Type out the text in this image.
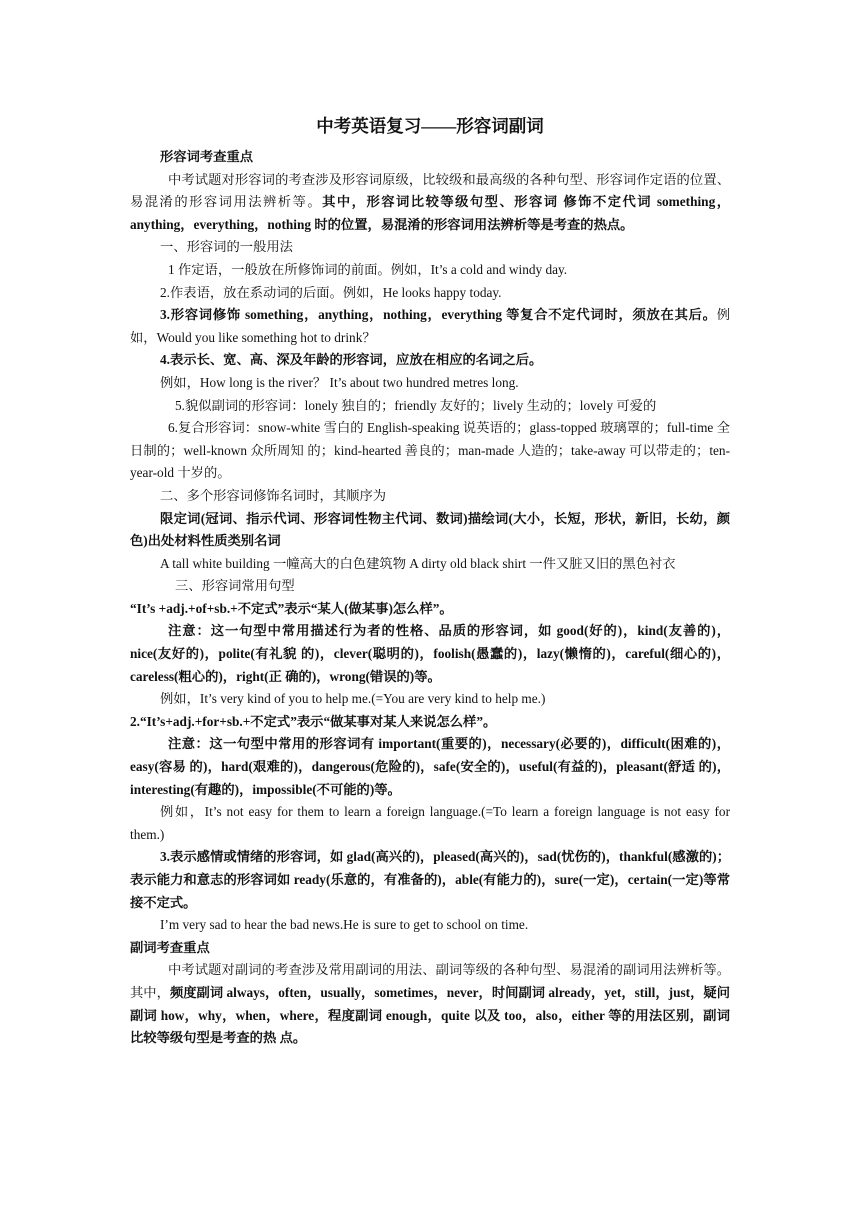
中考英语复习——形容词副词

形容词考查重点

中考试题对形容词的考查涉及形容词原级，比较级和最高级的各种句型、形容词作定语的位置、易混淆的形容词用法辨析等。其中，形容词比较等级句型、形容词 修饰不定代词 something，anything，everything，nothing 时的位置，易混淆的形容词用法辨析等是考查的热点。

一、形容词的一般用法

1 作定语，一般放在所修饰词的前面。例如，It’s a cold and windy day.

2.作表语，放在系动词的后面。例如，He looks happy today.

3.形容词修饰 something，anything，nothing，everything 等复合不定代词时，须放在其后。例如，Would you like something hot to drink？

4.表示长、宽、高、深及年龄的形容词，应放在相应的名词之后。

例如，How long is the river？ It’s about two hundred metres long.

5.貌似副词的形容词：lonely 独自的；friendly 友好的；lively 生动的；lovely 可爱的

6.复合形容词：snow-white 雪白的 English-speaking 说英语的；glass-topped 玻璃罩的；full-time 全日制的；well-known 众所周知 的；kind-hearted 善良的；man-made 人造的；take-away 可以带走的；ten-year-old 十岁的。

二、多个形容词修饰名词时，其顺序为

限定词(冠词、指示代词、形容词性物主代词、数词)描绘词(大小，长短，形状，新旧，长幼，颜色)出处材料性质类别名词

A tall white building 一幢高大的白色建筑物 A dirty old black shirt 一件又脏又旧的黑色衬衣

三、形容词常用句型

“It’s +adj.+of+sb.+不定式”表示“某人(做某事)怎么样”。

注意：这一句型中常用描述行为者的性格、品质的形容词，如 good(好的)，kind(友善的)，nice(友好的)，polite(有礼貌 的)，clever(聪明的)，foolish(愚蠢的)，lazy(懒惰的)，careful(细心的)，careless(粗心的)，right(正 确的)，wrong(错误的)等。

例如，It’s very kind of you to help me.(=You are very kind to help me.)

2.“It’s+adj.+for+sb.+不定式”表示“做某事对某人来说怎么样”。

注意：这一句型中常用的形容词有 important(重要的)，necessary(必要的)，difficult(困难的)，easy(容易 的)，hard(艰难的)，dangerous(危险的)，safe(安全的)，useful(有益的)，pleasant(舒适 的)，interesting(有趣的)，impossible(不可能的)等。

例如，It’s not easy for them to learn a foreign language.(=To learn a foreign language is not easy for them.)

3.表示感情或情绪的形容词，如 glad(高兴的)，pleased(高兴的)，sad(忧伤的)，thankful(感激的)；表示能力和意志的形容词如 ready(乐意的，有准备的)，able(有能力的)，sure(一定)，certain(一定)等常接不定式。

I’m very sad to hear the bad news.He is sure to get to school on time.

副词考查重点

中考试题对副词的考查涉及常用副词的用法、副词等级的各种句型、易混淆的副词用法辨析等。其中，频度副词 always，often，usually，sometimes，never，时间副词 already，yet，still，just，疑问副词 how，why，when，where，程度副词 enough，quite 以及 too，also，either 等的用法区别，副词比较等级句型是考查的热 点。
